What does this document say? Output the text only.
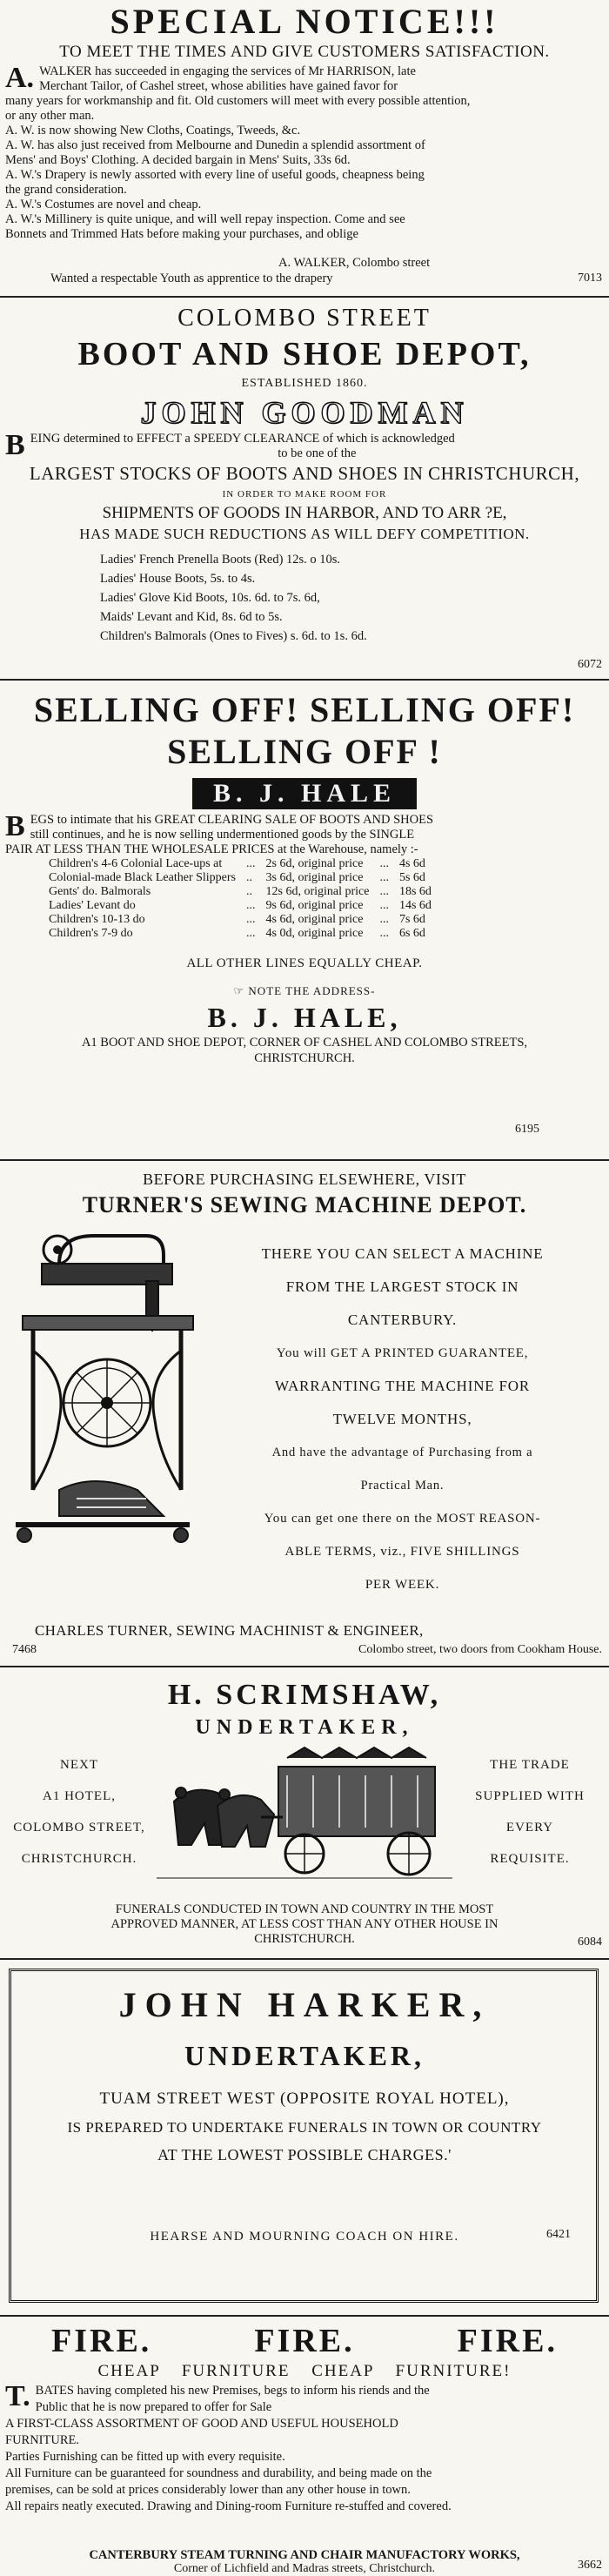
SPECIAL NOTICE!!!
TO MEET THE TIMES AND GIVE CUSTOMERS SATISFACTION.
A. WALKER has succeeded in engaging the services of Mr HARRISON, late
Merchant Tailor, of Cashel street, whose abilities have gained favor for
many years for workmanship and fit. Old customers will meet with every possible attention,
or any other man.
A. W. is now showing New Cloths, Coatings, Tweeds, &c.
A. W. has also just received from Melbourne and Dunedin a splendid assortment of
Mens' and Boys' Clothing. A decided bargain in Mens' Suits, 33s 6d.
A. W.'s Drapery is newly assorted with every line of useful goods, cheapness being
the grand consideration.
A. W.'s Costumes are novel and cheap.
A. W.'s Millinery is quite unique, and will well repay inspection. Come and see
Bonnets and Trimmed Hats before making your purchases, and oblige
A. WALKER, Colombo street
Wanted a respectable Youth as apprentice to the drapery	7013
COLOMBO STREET
BOOT AND SHOE DEPOT,
ESTABLISHED 1860.
JOHN GOODMAN
B EING determined to EFFECT a SPEEDY CLEARANCE of which is acknowledged

to be one of the

LARGEST STOCKS OF BOOTS AND SHOES IN CHRISTCHURCH,
IN ORDER TO MAKE ROOM FOR
SHIPMENTS OF GOODS IN HARBOR, AND TO ARR ?E,
HAS MADE SUCH REDUCTIONS AS WILL DEFY COMPETITION.
Ladies' French Prenella Boots (Red) 12s. o 10s.
Ladies' House Boots, 5s. to 4s.
Ladies' Glove Kid Boots, 10s. 6d. to 7s. 6d,
Maids' Levant and Kid, 8s. 6d to 5s.
Children's Balmorals (Ones to Fives) s. 6d. to 1s. 6d.
6072
SELLING OFF! SELLING OFF!
SELLING OFF !
B. J. HALE
B EGS to intimate that his GREAT CLEARING SALE OF BOOTS AND SHOES
still continues, and he is now selling undermentioned goods by the SINGLE
PAIR AT LESS THAN THE WHOLESALE PRICES at the Warehouse, namely :-
Children's 4-6 Colonial Lace-ups at	...	2s 6d, original price	...	4s 6d
Colonial-made Black Leather Slippers	..	3s 6d, original price	...	5s 6d
Gents' do. Balmorals	..	12s 6d, original price	...	18s 6d
Ladies' Levant do	...	9s 6d, original price	...	14s 6d
Children's 10-13 do	...	4s 6d, original price	...	7s 6d
Children's 7-9 do	...	4s 0d, original price	...	6s 6d
ALL OTHER LINES EQUALLY CHEAP.
☞ NOTE THE ADDRESS-
B. J. HALE,
A1 BOOT AND SHOE DEPOT, CORNER OF CASHEL AND COLOMBO STREETS,
CHRISTCHURCH.
6195
BEFORE PURCHASING ELSEWHERE, VISIT
TURNER'S SEWING MACHINE DEPOT.
THERE YOU CAN SELECT A MACHINE
FROM THE LARGEST STOCK IN
CANTERBURY.
You will GET A PRINTED GUARANTEE,
WARRANTING THE MACHINE FOR
TWELVE MONTHS,
And have the advantage of Purchasing from a
Practical Man.
You can get one there on the MOST REASON-
ABLE TERMS, viz., FIVE SHILLINGS
PER WEEK.
CHARLES TURNER, SEWING MACHINIST & ENGINEER,
7468	Colombo street, two doors from Cookham House.
H. SCRIMSHAW,
UNDERTAKER,
NEXT
A1 HOTEL,
COLOMBO STREET,
CHRISTCHURCH.
THE TRADE
SUPPLIED WITH
EVERY
REQUISITE.
FUNERALS CONDUCTED IN TOWN AND COUNTRY IN THE MOST
APPROVED MANNER, AT LESS COST THAN ANY OTHER HOUSE IN
CHRISTCHURCH.	6084
JOHN HARKER,
UNDERTAKER,
TUAM STREET WEST (OPPOSITE ROYAL HOTEL),
IS PREPARED TO UNDERTAKE FUNERALS IN TOWN OR COUNTRY
AT THE LOWEST POSSIBLE CHARGES.'
HEARSE AND MOURNING COACH ON HIRE.	6421
FIRE.	FIRE.	FIRE.
CHEAP FURNITURE CHEAP FURNITURE!
T. BATES having completed his new Premises, begs to inform his riends and the
Public that he is now prepared to offer for Sale
A FIRST-CLASS ASSORTMENT OF GOOD AND USEFUL HOUSEHOLD
FURNITURE.
Parties Furnishing can be fitted up with every requisite.
All Furniture can be guaranteed for soundness and durability, and being made on the
premises, can be sold at prices considerably lower than any other house in town.
All repairs neatly executed. Drawing and Dining-room Furniture re-stuffed and covered.
CANTERBURY STEAM TURNING AND CHAIR MANUFACTORY WORKS,
Corner of Lichfield and Madras streets, Christchurch.	3662
